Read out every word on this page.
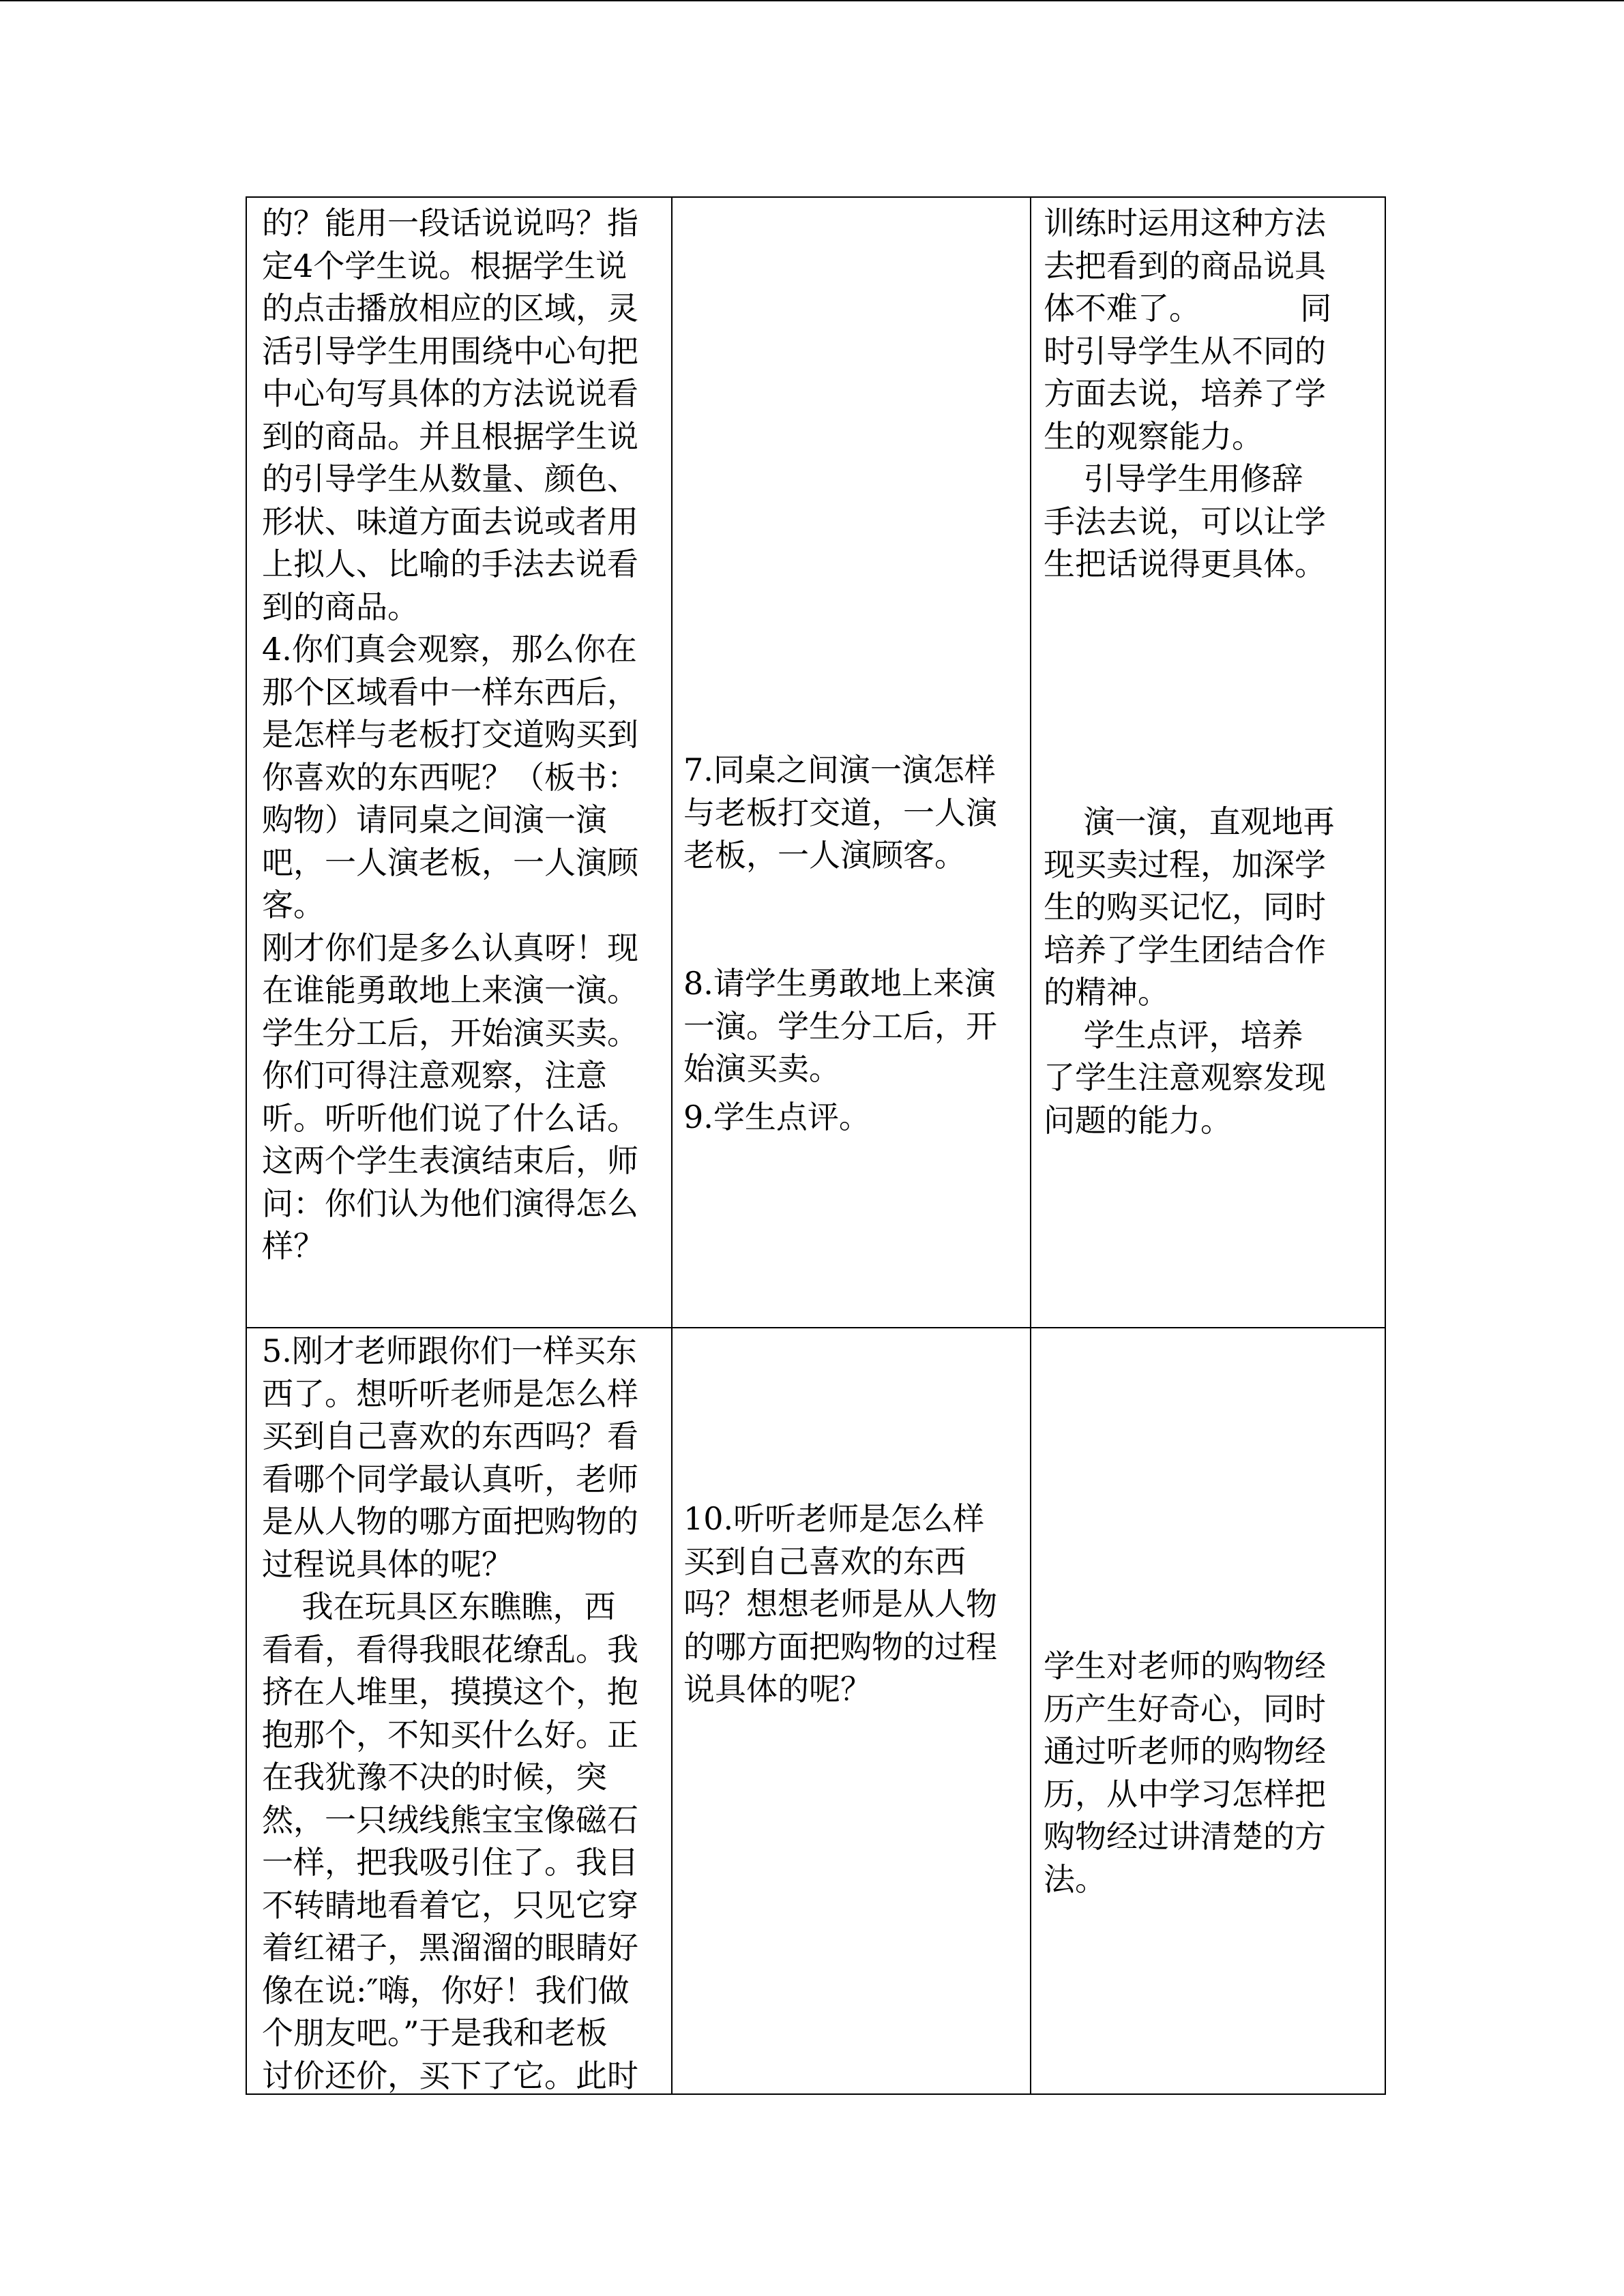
的？能用一段话说说吗？指
定4个学生说。根据学生说
的点击播放相应的区域，灵
活引导学生用围绕中心句把
中心句写具体的方法说说看
到的商品。并且根据学生说
的引导学生从数量、颜色、
形状、味道方面去说或者用
上拟人、比喻的手法去说看
到的商品。
4.你们真会观察，那么你在
那个区域看中一样东西后，
是怎样与老板打交道购买到
你喜欢的东西呢？（板书：
购物）请同桌之间演一演
吧，一人演老板，一人演顾
客。
刚才你们是多么认真呀！现
在谁能勇敢地上来演一演。
学生分工后，开始演买卖。
你们可得注意观察，注意
听。听听他们说了什么话。
这两个学生表演结束后，师
问：你们认为他们演得怎么
样？
7.同桌之间演一演怎样
与老板打交道，一人演
老板，一人演顾客。
8.请学生勇敢地上来演
一演。学生分工后，开
始演买卖。
9.学生点评。
训练时运用这种方法
去把看到的商品说具
体不难了。          同
时引导学生从不同的
方面去说，培养了学
生的观察能力。
引导学生用修辞
手法去说，可以让学
生把话说得更具体。
演一演，直观地再
现买卖过程，加深学
生的购买记忆，同时
培养了学生团结合作
的精神。
学生点评，培养
了学生注意观察发现
问题的能力。
5.刚才老师跟你们一样买东
西了。想听听老师是怎么样
买到自己喜欢的东西吗？看
看哪个同学最认真听，老师
是从人物的哪方面把购物的
过程说具体的呢？
我在玩具区东瞧瞧，西
看看，看得我眼花缭乱。我
挤在人堆里，摸摸这个，抱
抱那个，不知买什么好。正
在我犹豫不决的时候，突
然，一只绒线熊宝宝像磁石
一样，把我吸引住了。我目
不转睛地看着它，只见它穿
着红裙子，黑溜溜的眼睛好
像在说:″嗨，你好！我们做
个朋友吧。”于是我和老板
讨价还价，买下了它。此时
10.听听老师是怎么样
买到自己喜欢的东西
吗？想想老师是从人物
的哪方面把购物的过程
说具体的呢？
学生对老师的购物经
历产生好奇心，同时
通过听老师的购物经
历，从中学习怎样把
购物经过讲清楚的方
法。
